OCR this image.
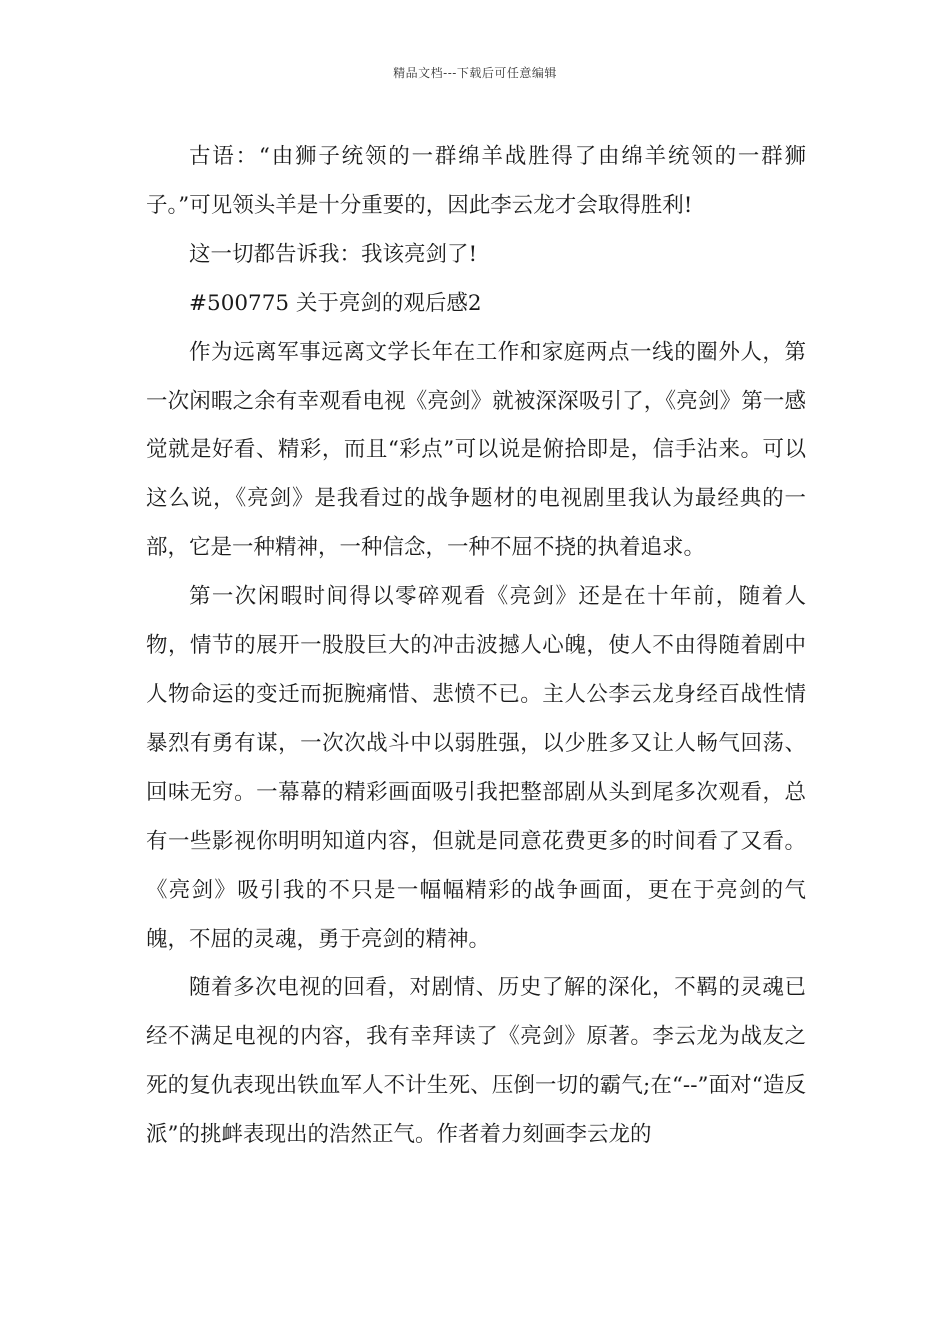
精品文档---下载后可任意编辑

古语：“由狮子统领的一群绵羊战胜得了由绵羊统领的一群狮子。”可见领头羊是十分重要的，因此李云龙才会取得胜利!

这一切都告诉我：我该亮剑了!

#500775 关于亮剑的观后感2

作为远离军事远离文学长年在工作和家庭两点一线的圈外人，第一次闲暇之余有幸观看电视《亮剑》就被深深吸引了，《亮剑》第一感觉就是好看、精彩，而且“彩点”可以说是俯拾即是，信手沾来。可以这么说，《亮剑》是我看过的战争题材的电视剧里我认为最经典的一部，它是一种精神，一种信念，一种不屈不挠的执着追求。

第一次闲暇时间得以零碎观看《亮剑》还是在十年前，随着人物，情节的展开一股股巨大的冲击波撼人心魄，使人不由得随着剧中人物命运的变迁而扼腕痛惜、悲愤不已。主人公李云龙身经百战性情暴烈有勇有谋，一次次战斗中以弱胜强，以少胜多又让人畅气回荡、回味无穷。一幕幕的精彩画面吸引我把整部剧从头到尾多次观看，总有一些影视你明明知道内容，但就是同意花费更多的时间看了又看。《亮剑》吸引我的不只是一幅幅精彩的战争画面，更在于亮剑的气魄，不屈的灵魂，勇于亮剑的精神。

随着多次电视的回看，对剧情、历史了解的深化，不羁的灵魂已经不满足电视的内容，我有幸拜读了《亮剑》原著。李云龙为战友之死的复仇表现出铁血军人不计生死、压倒一切的霸气;在“--”面对“造反派”的挑衅表现出的浩然正气。作者着力刻画李云龙的
